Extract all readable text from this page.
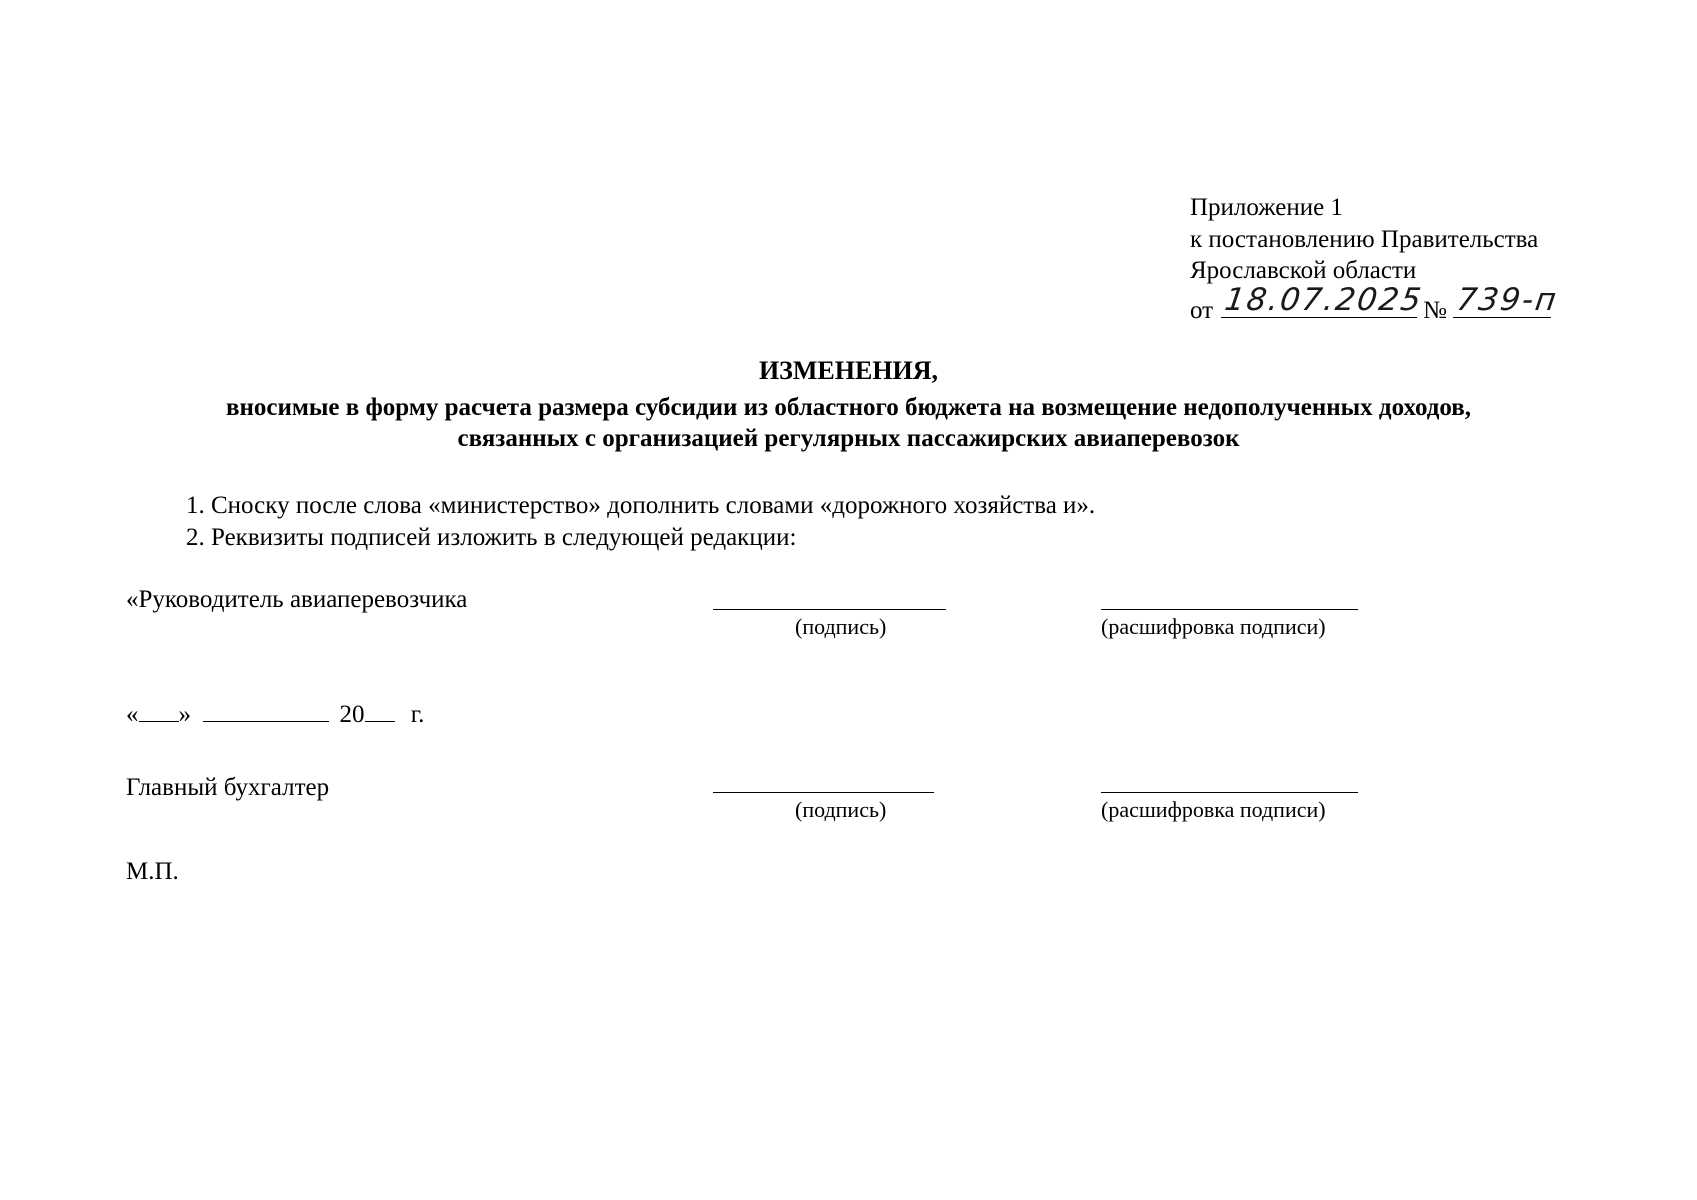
Приложение 1
к постановлению Правительства
Ярославской области
от 18.07.2025
№ 739-п
ИЗМЕНЕНИЯ,
вносимые в форму расчета размера субсидии из областного бюджета на возмещение недополученных доходов,
связанных с организацией регулярных пассажирских авиаперевозок
1. Сноску после слова «министерство» дополнить словами «дорожного хозяйства и».
2. Реквизиты подписей изложить в следующей редакции:
«Руководитель авиаперевозчика
(подпись)	(расшифровка подписи)
« »	20 г.
Главный бухгалтер
(подпись)	(расшифровка подписи)
М.П.
